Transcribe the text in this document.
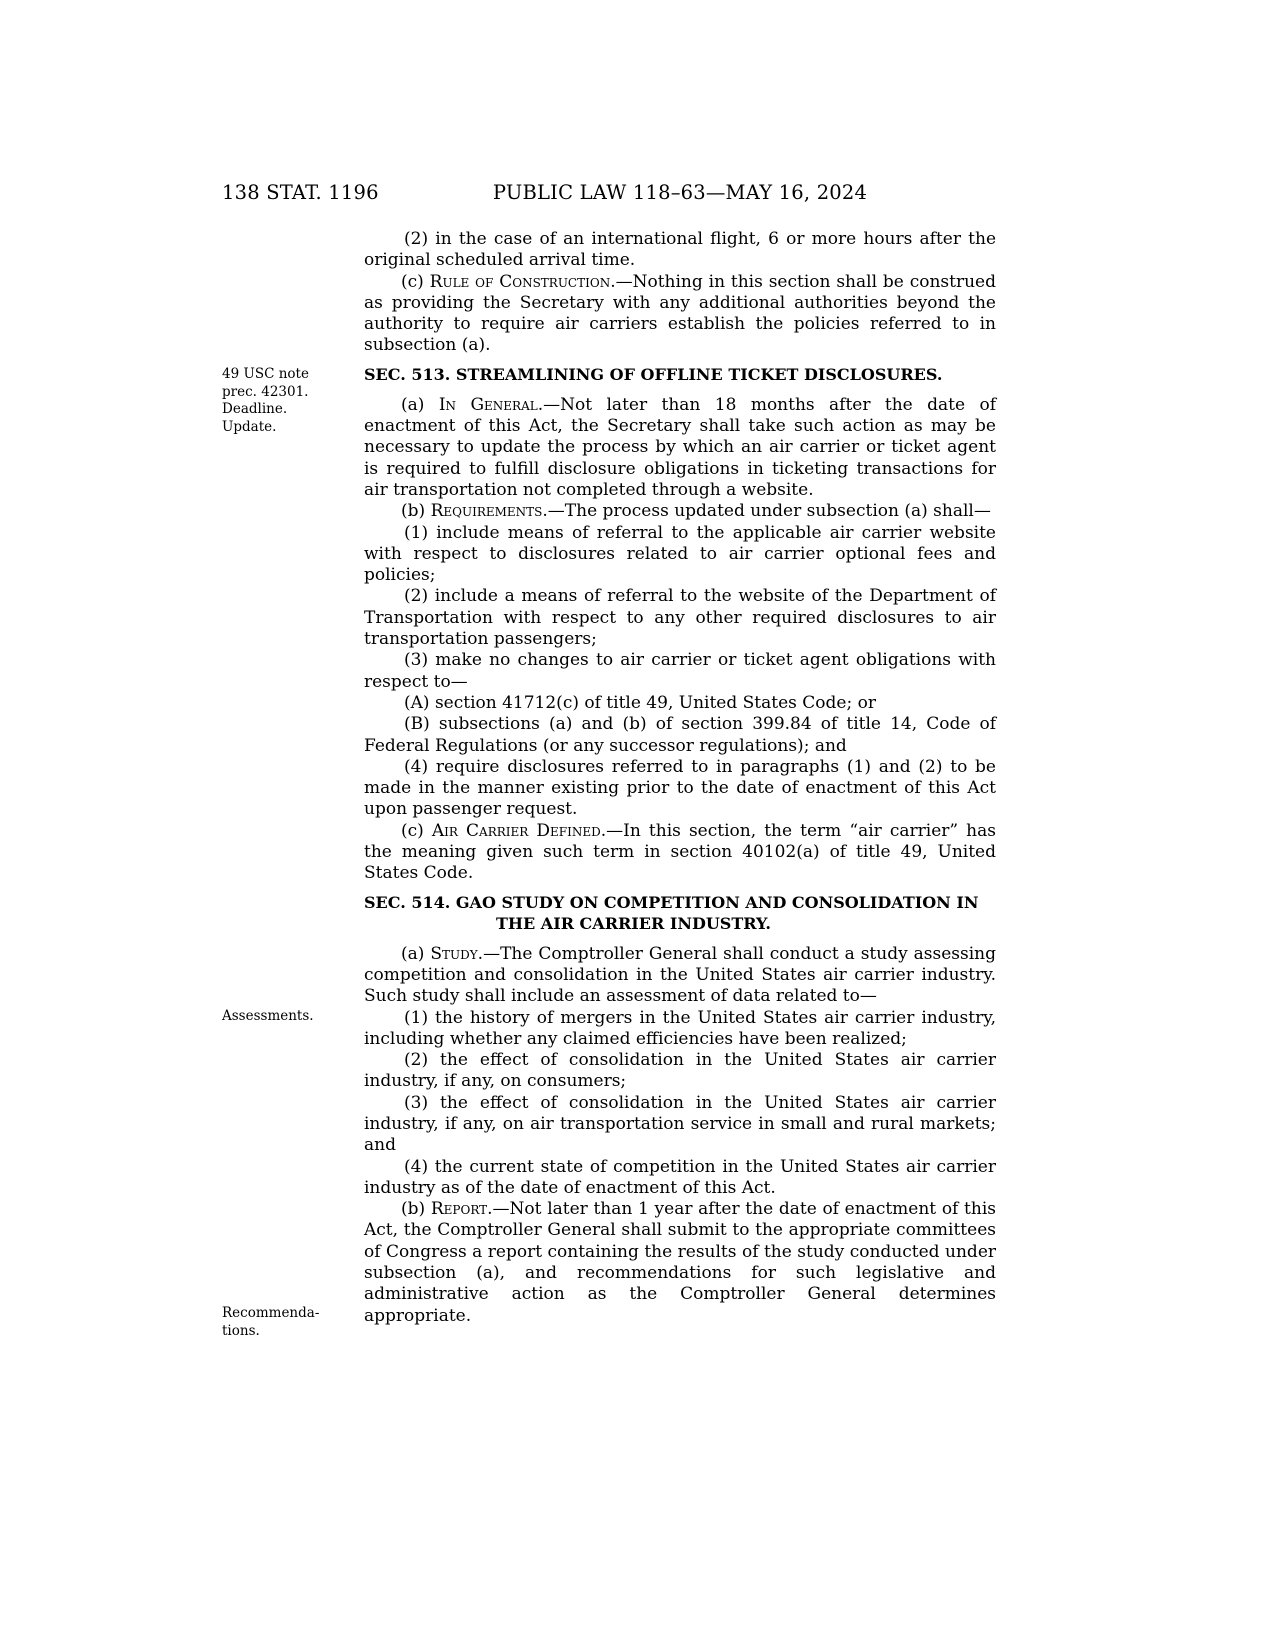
138 STAT. 1196	PUBLIC LAW 118–63—MAY 16, 2024
49 USC note
prec. 42301.
Deadline.
Update.
Assessments.
Recommenda-
tions.

(2) in the case of an international flight, 6 or more hours after the original scheduled arrival time.

(c) Rule of Construction.—Nothing in this section shall be construed as providing the Secretary with any additional authorities beyond the authority to require air carriers establish the policies referred to in subsection (a).

SEC. 513. STREAMLINING OF OFFLINE TICKET DISCLOSURES.

(a) In General.—Not later than 18 months after the date of enactment of this Act, the Secretary shall take such action as may be necessary to update the process by which an air carrier or ticket agent is required to fulfill disclosure obligations in ticketing transactions for air transportation not completed through a website.

(b) Requirements.—The process updated under subsection (a) shall—

(1) include means of referral to the applicable air carrier website with respect to disclosures related to air carrier optional fees and policies;

(2) include a means of referral to the website of the Department of Transportation with respect to any other required disclosures to air transportation passengers;

(3) make no changes to air carrier or ticket agent obligations with respect to—

(A) section 41712(c) of title 49, United States Code; or

(B) subsections (a) and (b) of section 399.84 of title 14, Code of Federal Regulations (or any successor regulations); and

(4) require disclosures referred to in paragraphs (1) and (2) to be made in the manner existing prior to the date of enactment of this Act upon passenger request.

(c) Air Carrier Defined.—In this section, the term “air carrier” has the meaning given such term in section 40102(a) of title 49, United States Code.

SEC. 514. GAO STUDY ON COMPETITION AND CONSOLIDATION IN THE AIR CARRIER INDUSTRY.

(a) Study.—The Comptroller General shall conduct a study assessing competition and consolidation in the United States air carrier industry. Such study shall include an assessment of data related to—

(1) the history of mergers in the United States air carrier industry, including whether any claimed efficiencies have been realized;

(2) the effect of consolidation in the United States air carrier industry, if any, on consumers;

(3) the effect of consolidation in the United States air carrier industry, if any, on air transportation service in small and rural markets; and

(4) the current state of competition in the United States air carrier industry as of the date of enactment of this Act.

(b) Report.—Not later than 1 year after the date of enactment of this Act, the Comptroller General shall submit to the appropriate committees of Congress a report containing the results of the study conducted under subsection (a), and recommendations for such legislative and administrative action as the Comptroller General determines appropriate.
